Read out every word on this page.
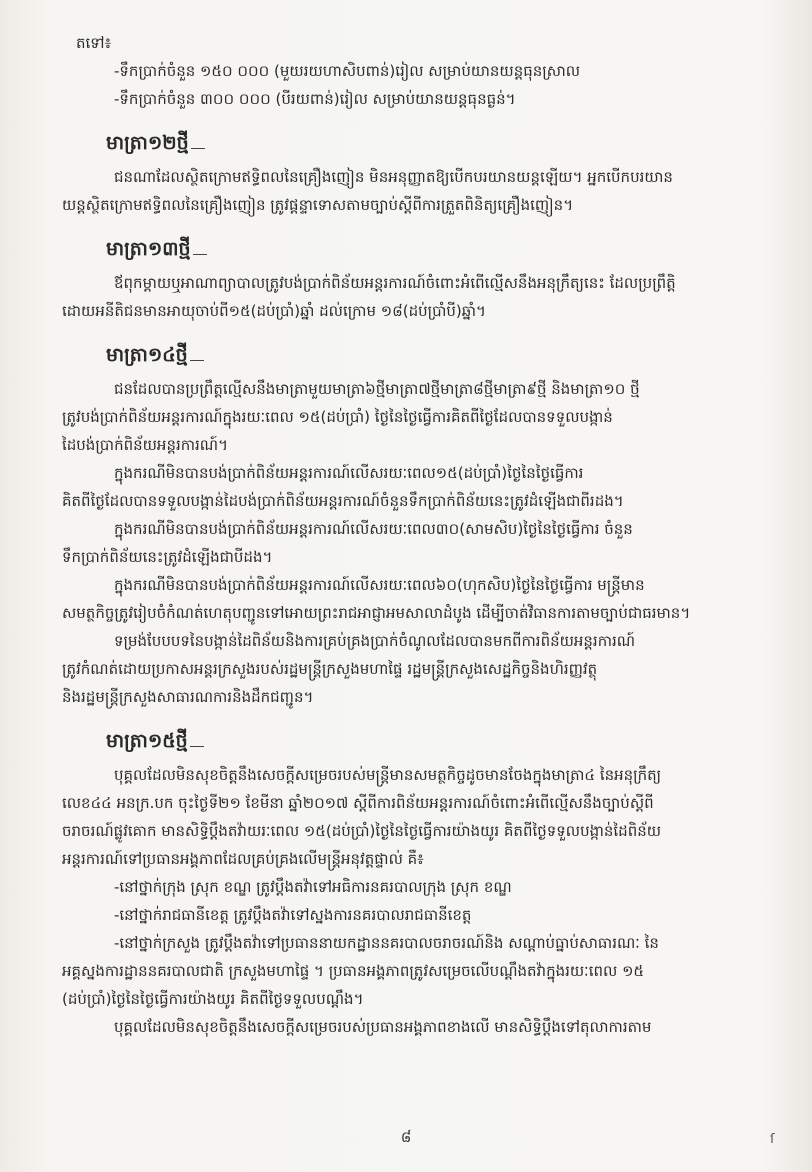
តទៅ៖
-ទឹកប្រាក់ចំនួន ១៥០ ០០០ (មួយរយហាសិបពាន់)រៀល សម្រាប់យានយន្តធុនស្រាល
-ទឹកប្រាក់ចំនួន ៣០០ ០០០ (បីរយពាន់)រៀល សម្រាប់យានយន្តធុនធ្ងន់។
មាត្រា១២ថ្មី
ជនណាដែលស្ថិតក្រោមឥទ្ធិពលនៃគ្រឿងញៀន មិនអនុញ្ញាតឱ្យបើកបរយានយន្តឡើយ។ អ្នកបើកបរយាន
យន្តស្ថិតក្រោមឥទ្ធិពលនៃគ្រឿងញៀន ត្រូវផ្តន្ទាទោសតាមច្បាប់ស្តីពីការត្រួតពិនិត្យគ្រឿងញៀន។
មាត្រា១៣ថ្មី
ឪពុកម្តាយឬអាណាព្យាបាលត្រូវបង់ប្រាក់ពិន័យអន្តរការណ៍ចំពោះអំពើល្មើសនឹងអនុក្រឹត្យនេះ ដែលប្រព្រឹត្តិ
ដោយអនីតិជនមានអាយុចាប់ពី១៥(ដប់ប្រាំ)ឆ្នាំ ដល់ក្រោម ១៨(ដប់ប្រាំបី)ឆ្នាំ។
មាត្រា១៤ថ្មី
ជនដែលបានប្រព្រឹត្តល្មើសនឹងមាត្រាមួយមាត្រា៦ថ្មីមាត្រា៧ថ្មីមាត្រា៨ថ្មីមាត្រា៩ថ្មី និងមាត្រា១០ ថ្មី
ត្រូវបង់ប្រាក់ពិន័យអន្តរការណ៍ក្នុងរយៈពេល ១៥(ដប់ប្រាំ) ថ្ងៃនៃថ្ងៃធ្វើការគិតពីថ្ងៃដែលបានទទួលបង្កាន់
ដៃបង់ប្រាក់ពិន័យអន្តរការណ៍។
ក្នុងករណីមិនបានបង់ប្រាក់ពិន័យអន្តរការណ៍លើសរយៈពេល១៥(ដប់ប្រាំ)ថ្ងៃនៃថ្ងៃធ្វើការ
គិតពីថ្ងៃដែលបានទទួលបង្កាន់ដៃបង់ប្រាក់ពិន័យអន្តរការណ៍ចំនួនទឹកប្រាក់ពិន័យនេះត្រូវដំឡើងជាពីរដង។
ក្នុងករណីមិនបានបង់ប្រាក់ពិន័យអន្តរការណ៍លើសរយៈពេល៣០(សាមសិប)ថ្ងៃនៃថ្ងៃធ្វើការ ចំនួន
ទឹកប្រាក់ពិន័យនេះត្រូវដំឡើងជាបីដង។
ក្នុងករណីមិនបានបង់ប្រាក់ពិន័យអន្តរការណ៍លើសរយៈពេល៦០(ហុកសិប)ថ្ងៃនៃថ្ងៃធ្វើការ មន្ត្រីមាន
សមត្ថកិច្ចត្រូវរៀបចំកំណត់ហេតុបញ្ជូនទៅអោយព្រះរាជអាជ្ញាអមសាលាដំបូង ដើម្បីចាត់វិធានការតាមច្បាប់ជាធរមាន។
ទម្រង់បែបបទនៃបង្កាន់ដៃពិន័យនិងការគ្រប់គ្រងប្រាក់ចំណូលដែលបានមកពីការពិន័យអន្តរការណ៍
ត្រូវកំណត់ដោយប្រកាសអន្តរក្រសួងរបស់រដ្ឋមន្ត្រីក្រសួងមហាផ្ទៃ រដ្ឋមន្ត្រីក្រសួងសេដ្ឋកិច្ចនិងហិរញ្ញវត្ថុ
និងរដ្ឋមន្ត្រីក្រសួងសាធារណការនិងដឹកជញ្ជូន។
មាត្រា១៥ថ្មី
បុគ្គលដែលមិនសុខចិត្តនឹងសេចក្តីសម្រេចរបស់មន្ត្រីមានសមត្ថកិច្ចដូចមានចែងក្នុងមាត្រា៤ នៃអនុក្រឹត្យ
លេខ៤៤ អនក្រ.បក ចុះថ្ងៃទី២១ ខែមីនា ឆ្នាំ២០១៧ ស្តីពីការពិន័យអន្តរការណ៍ចំពោះអំពើល្មើសនឹងច្បាប់ស្តីពី
ចរាចរណ៍ផ្លូវគោក មានសិទ្ធិប្តឹងតវ៉ាយរៈពេល ១៥(ដប់ប្រាំ)ថ្ងៃនៃថ្ងៃធ្វើការយ៉ាងយូរ គិតពីថ្ងៃទទួលបង្កាន់ដៃពិន័យ
អន្តរការណ៍ទៅប្រធានអង្គភាពដែលគ្រប់គ្រងលើមន្ត្រីអនុវត្តផ្ទាល់ គឺ៖
-នៅថ្នាក់ក្រុង ស្រុក ខណ្ឌ ត្រូវប្តឹងតវ៉ាទៅអធិការនគរបាលក្រុង ស្រុក ខណ្ឌ
-នៅថ្នាក់រាជធានីខេត្ត ត្រូវប្តឹងតវ៉ាទៅស្នងការនគរបាលរាជធានីខេត្ត
-នៅថ្នាក់ក្រសួង ត្រូវប្តឹងតវ៉ាទៅប្រធាននាយកដ្ឋាននគរបាលចរាចរណ៍និង សណ្តាប់ធ្នាប់សាធារណៈ នៃ
អគ្គស្នងការដ្ឋាននគរបាលជាតិ ក្រសួងមហាផ្ទៃ ។ ប្រធានអង្គភាពត្រូវសម្រេចលើបណ្តឹងតវ៉ាក្នុងរយៈពេល ១៥
(ដប់ប្រាំ)ថ្ងៃនៃថ្ងៃធ្វើការយ៉ាងយូរ គិតពីថ្ងៃទទួលបណ្តឹង។
បុគ្គលដែលមិនសុខចិត្តនឹងសេចក្តីសម្រេចរបស់ប្រធានអង្គភាពខាងលើ មានសិទ្ធិប្តឹងទៅតុលាការតាម
៨	ſ
